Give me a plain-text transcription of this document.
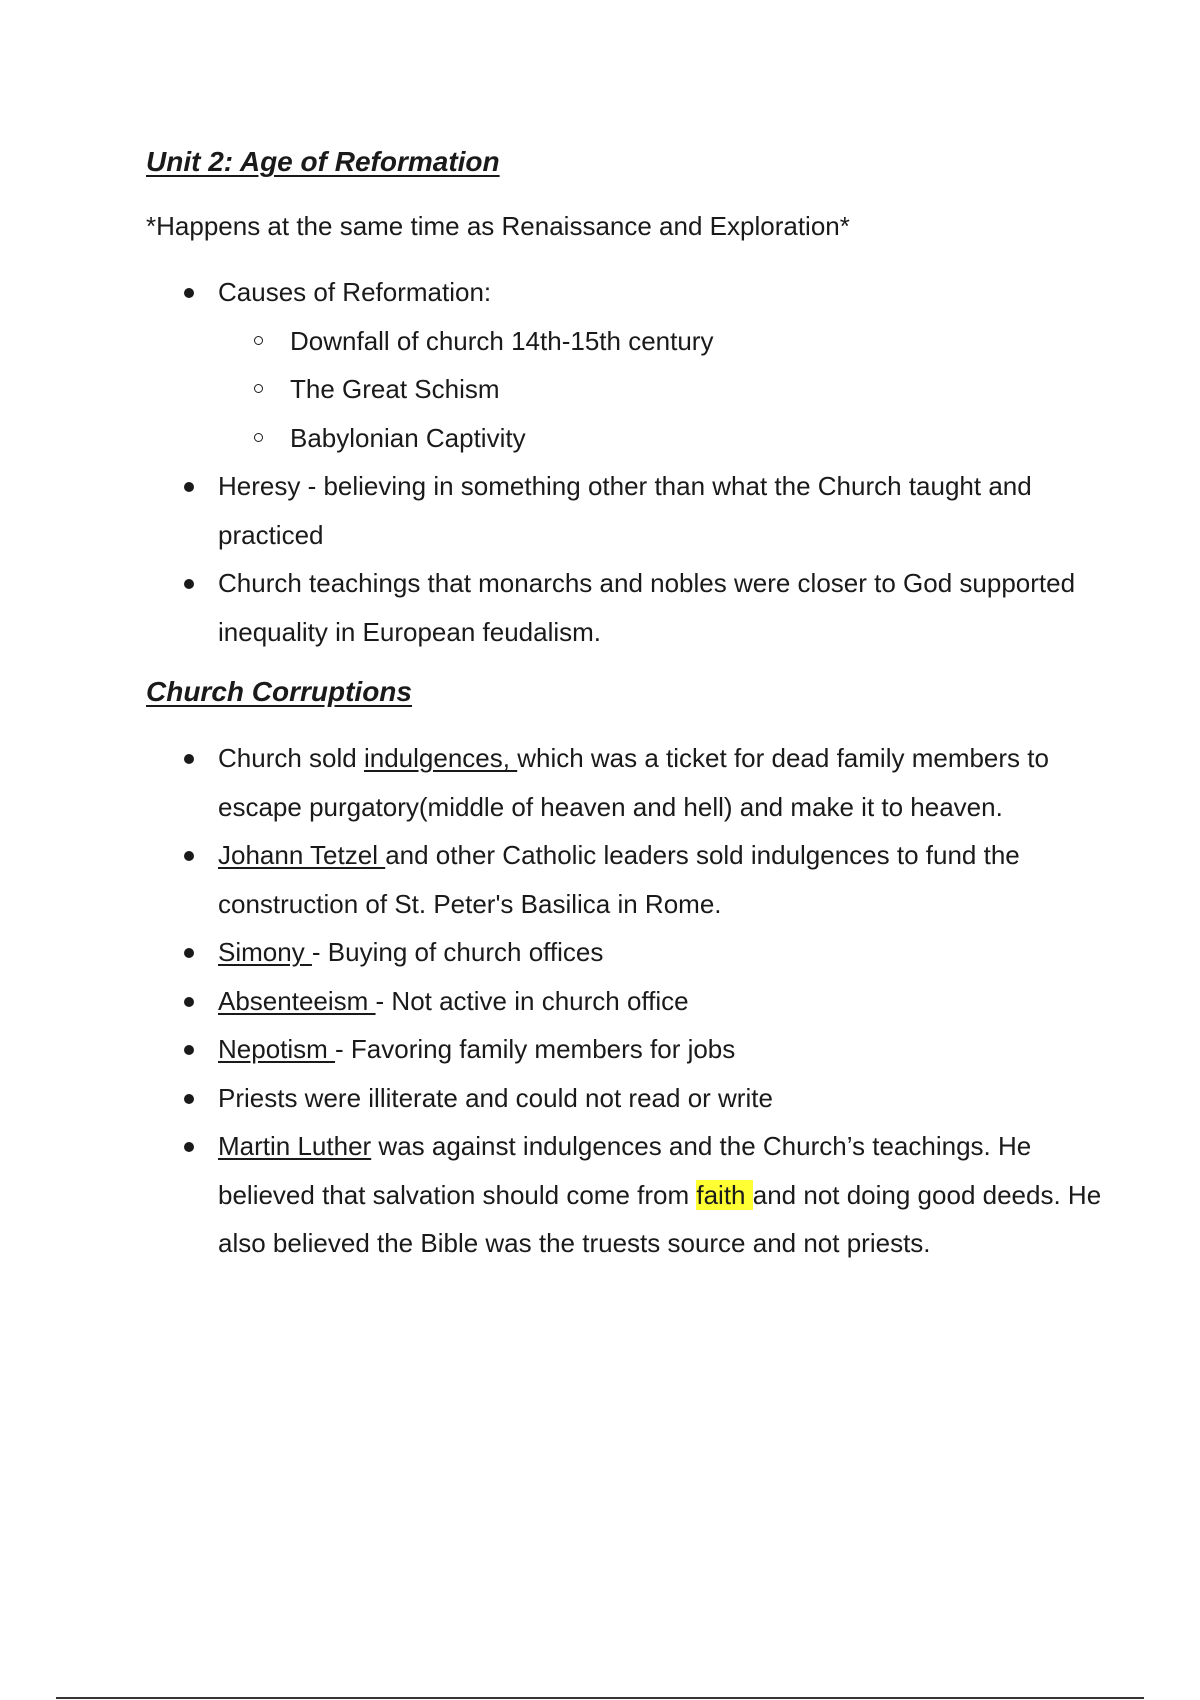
Unit 2: Age of Reformation

*Happens at the same time as Renaissance and Exploration*

Causes of Reformation:
Downfall of church 14th-15th century
The Great Schism
Babylonian Captivity
Heresy - believing in something other than what the Church taught and practiced
Church teachings that monarchs and nobles were closer to God supported inequality in European feudalism.
Church Corruptions
Church sold indulgences, which was a ticket for dead family members to escape purgatory(middle of heaven and hell) and make it to heaven.
Johann Tetzel and other Catholic leaders sold indulgences to fund the construction of St. Peter's Basilica in Rome.
Simony - Buying of church offices
Absenteeism - Not active in church office
Nepotism - Favoring family members for jobs
Priests were illiterate and could not read or write
Martin Luther was against indulgences and the Church’s teachings. He believed that salvation should come from faith and not doing good deeds. He also believed the Bible was the truests source and not priests.
